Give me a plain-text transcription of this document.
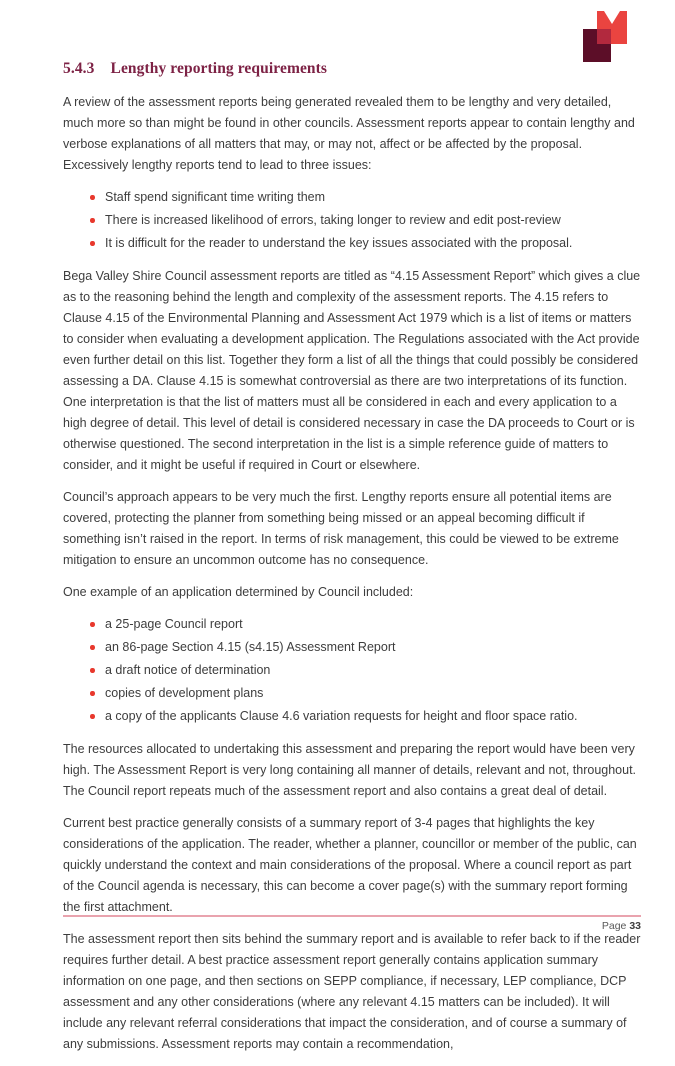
5.4.3 Lengthy reporting requirements

A review of the assessment reports being generated revealed them to be lengthy and very detailed, much more so than might be found in other councils. Assessment reports appear to contain lengthy and verbose explanations of all matters that may, or may not, affect or be affected by the proposal. Excessively lengthy reports tend to lead to three issues:

Staff spend significant time writing them
There is increased likelihood of errors, taking longer to review and edit post-review
It is difficult for the reader to understand the key issues associated with the proposal.

Bega Valley Shire Council assessment reports are titled as “4.15 Assessment Report” which gives a clue as to the reasoning behind the length and complexity of the assessment reports. The 4.15 refers to Clause 4.15 of the Environmental Planning and Assessment Act 1979 which is a list of items or matters to consider when evaluating a development application. The Regulations associated with the Act provide even further detail on this list. Together they form a list of all the things that could possibly be considered assessing a DA. Clause 4.15 is somewhat controversial as there are two interpretations of its function. One interpretation is that the list of matters must all be considered in each and every application to a high degree of detail. This level of detail is considered necessary in case the DA proceeds to Court or is otherwise questioned. The second interpretation in the list is a simple reference guide of matters to consider, and it might be useful if required in Court or elsewhere.

Council’s approach appears to be very much the first. Lengthy reports ensure all potential items are covered, protecting the planner from something being missed or an appeal becoming difficult if something isn’t raised in the report. In terms of risk management, this could be viewed to be extreme mitigation to ensure an uncommon outcome has no consequence.

One example of an application determined by Council included:

a 25-page Council report
an 86-page Section 4.15 (s4.15) Assessment Report
a draft notice of determination
copies of development plans
a copy of the applicants Clause 4.6 variation requests for height and floor space ratio.

The resources allocated to undertaking this assessment and preparing the report would have been very high. The Assessment Report is very long containing all manner of details, relevant and not, throughout. The Council report repeats much of the assessment report and also contains a great deal of detail.

Current best practice generally consists of a summary report of 3-4 pages that highlights the key considerations of the application. The reader, whether a planner, councillor or member of the public, can quickly understand the context and main considerations of the proposal. Where a council report as part of the Council agenda is necessary, this can become a cover page(s) with the summary report forming the first attachment.

The assessment report then sits behind the summary report and is available to refer back to if the reader requires further detail. A best practice assessment report generally contains application summary information on one page, and then sections on SEPP compliance, if necessary, LEP compliance, DCP assessment and any other considerations (where any relevant 4.15 matters can be included). It will include any relevant referral considerations that impact the consideration, and of course a summary of any submissions. Assessment reports may contain a recommendation,

Page 33
